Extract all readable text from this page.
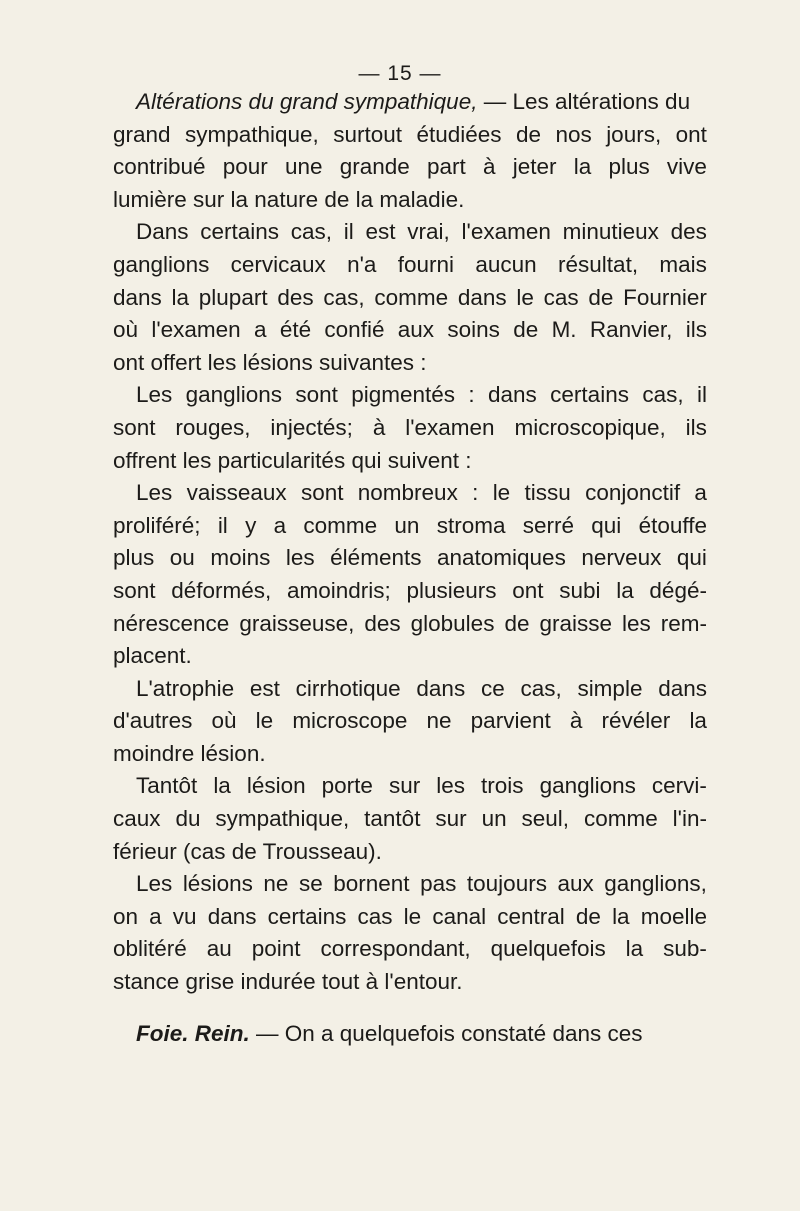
— 15 —
Altérations du grand sympathique, — Les altérations du
grand sympathique, surtout étudiées de nos jours, ont
contribué pour une grande part à jeter la plus vive
lumière sur la nature de la maladie.
Dans certains cas, il est vrai, l'examen minutieux des
ganglions cervicaux n'a fourni aucun résultat, mais
dans la plupart des cas, comme dans le cas de Fournier
où l'examen a été confié aux soins de M. Ranvier, ils
ont offert les lésions suivantes :
Les ganglions sont pigmentés : dans certains cas, il
sont rouges, injectés; à l'examen microscopique, ils
offrent les particularités qui suivent :
Les vaisseaux sont nombreux : le tissu conjonctif a
proliféré; il y a comme un stroma serré qui étouffe
plus ou moins les éléments anatomiques nerveux qui
sont déformés, amoindris; plusieurs ont subi la dégé-
nérescence graisseuse, des globules de graisse les rem-
placent.
L'atrophie est cirrhotique dans ce cas, simple dans
d'autres où le microscope ne parvient à révéler la
moindre lésion.
Tantôt la lésion porte sur les trois ganglions cervi-
caux du sympathique, tantôt sur un seul, comme l'in-
férieur (cas de Trousseau).
Les lésions ne se bornent pas toujours aux ganglions,
on a vu dans certains cas le canal central de la moelle
oblitéré au point correspondant, quelquefois la sub-
stance grise indurée tout à l'entour.
Foie. Rein. — On a quelquefois constaté dans ces
